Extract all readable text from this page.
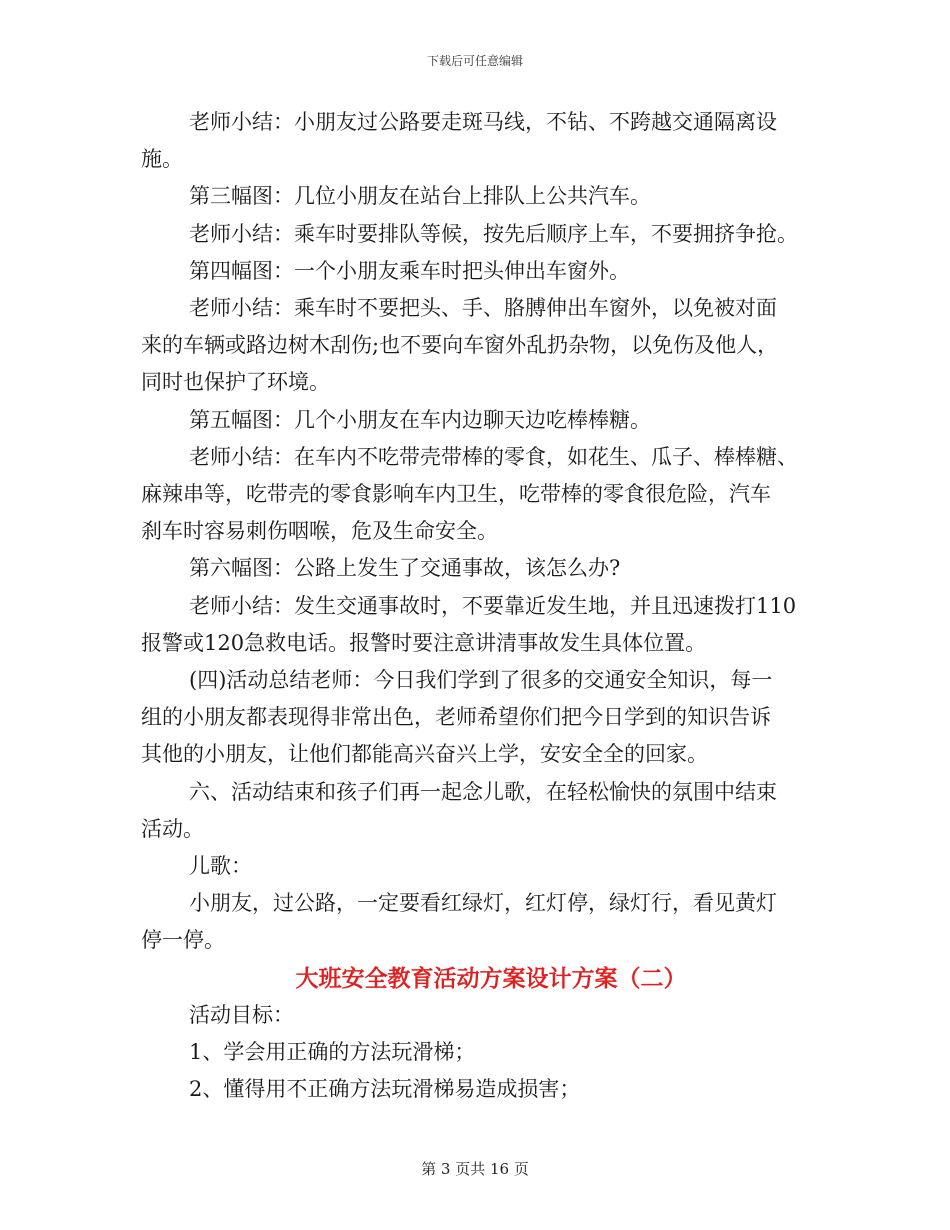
下载后可任意编辑

老师小结：小朋友过公路要走斑马线，不钻、不跨越交通隔离设

施。

第三幅图：几位小朋友在站台上排队上公共汽车。

老师小结：乘车时要排队等候，按先后顺序上车，不要拥挤争抢。

第四幅图：一个小朋友乘车时把头伸出车窗外。

老师小结：乘车时不要把头、手、胳膊伸出车窗外，以免被对面

来的车辆或路边树木刮伤;也不要向车窗外乱扔杂物，以免伤及他人，

同时也保护了环境。

第五幅图：几个小朋友在车内边聊天边吃棒棒糖。

老师小结：在车内不吃带壳带棒的零食，如花生、瓜子、棒棒糖、

麻辣串等，吃带壳的零食影响车内卫生，吃带棒的零食很危险，汽车

刹车时容易刺伤咽喉，危及生命安全。

第六幅图：公路上发生了交通事故，该怎么办?

老师小结：发生交通事故时，不要靠近发生地，并且迅速拨打110

报警或120急救电话。报警时要注意讲清事故发生具体位置。

(四)活动总结老师：今日我们学到了很多的交通安全知识，每一

组的小朋友都表现得非常出色，老师希望你们把今日学到的知识告诉

其他的小朋友，让他们都能高兴奋兴上学，安安全全的回家。

六、活动结束和孩子们再一起念儿歌，在轻松愉快的氛围中结束

活动。

儿歌：

小朋友，过公路，一定要看红绿灯，红灯停，绿灯行，看见黄灯

停一停。

大班安全教育活动方案设计方案（二）

活动目标：

1、学会用正确的方法玩滑梯；

2、懂得用不正确方法玩滑梯易造成损害；

第 3 页共 16 页
